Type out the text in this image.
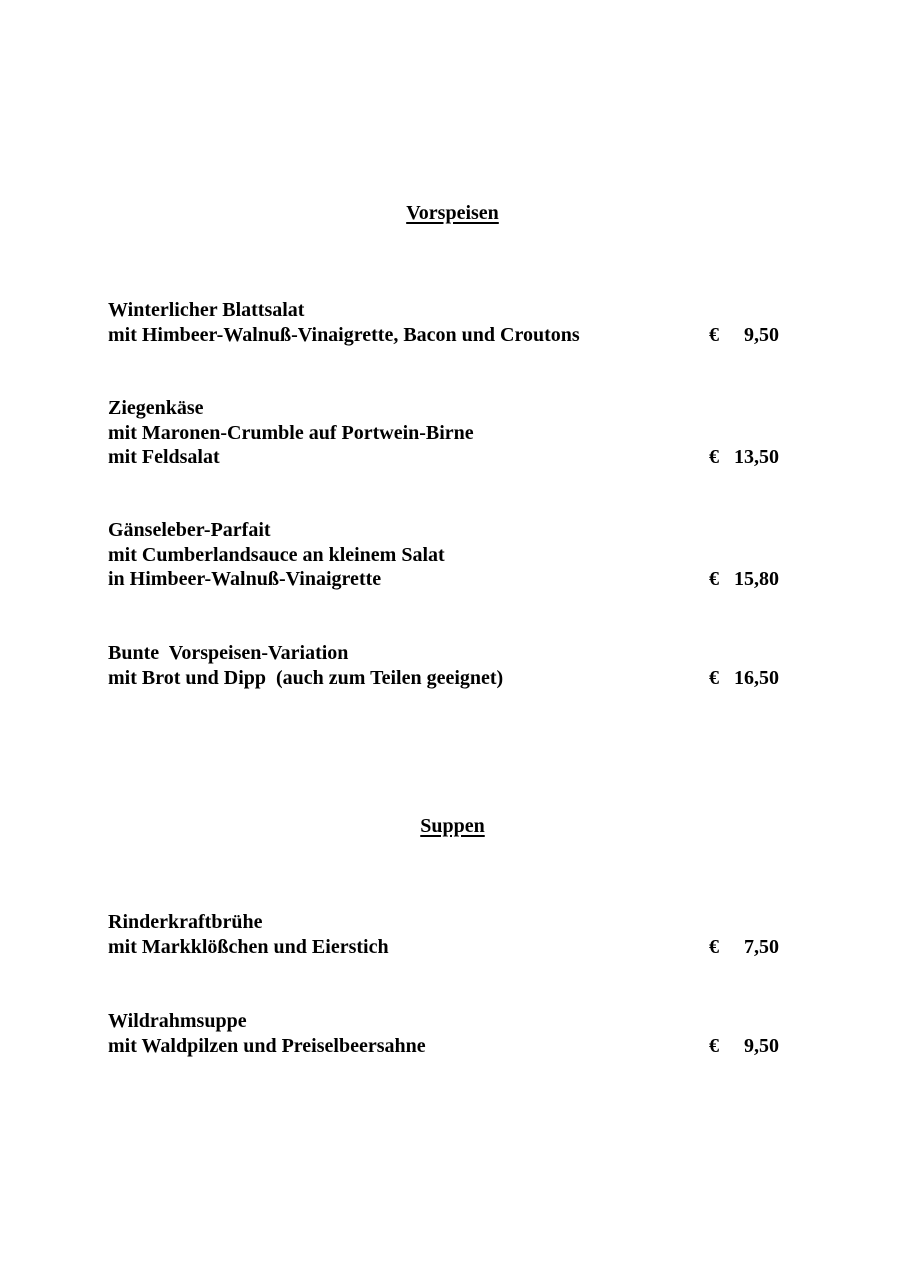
Vorspeisen
Winterlicher Blattsalat
mit Himbeer-Walnuß-Vinaigrette, Bacon und Croutons	€ 9,50
Ziegenkäse
mit Maronen-Crumble auf Portwein-Birne
mit Feldsalat	€ 13,50
Gänseleber-Parfait
mit Cumberlandsauce an kleinem Salat
in Himbeer-Walnuß-Vinaigrette	€ 15,80
Bunte  Vorspeisen-Variation
mit Brot und Dipp  (auch zum Teilen geeignet)	€ 16,50
Suppen
Rinderkraftbrühe
mit Markklößchen und Eierstich	€ 7,50
Wildrahmsuppe
mit Waldpilzen und Preiselbeersahne	€ 9,50
